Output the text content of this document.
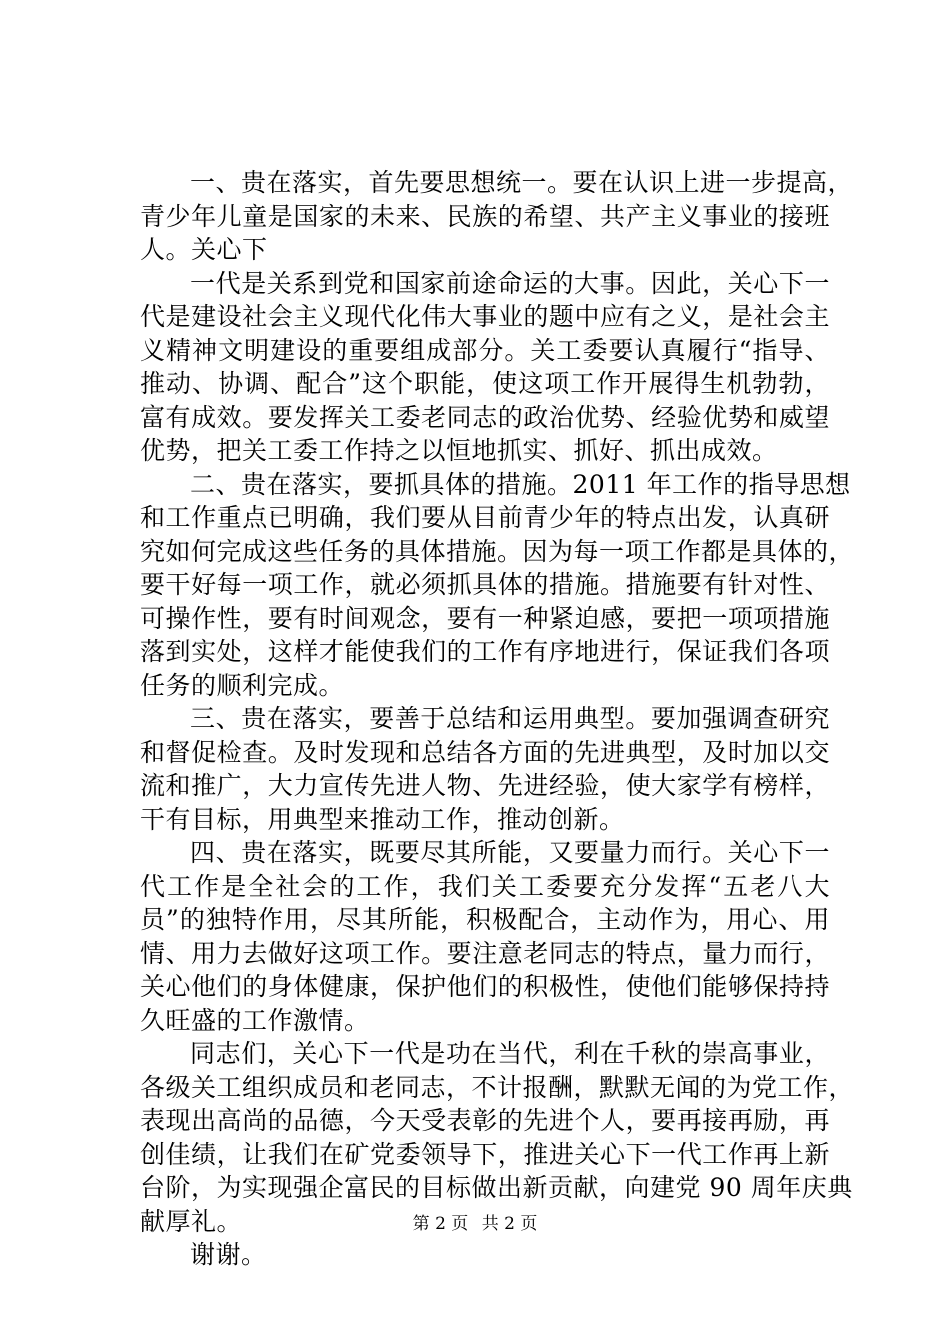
一、贵在落实，首先要思想统一。要在认识上进一步提高，
青少年儿童是国家的未来、民族的希望、共产主义事业的接班
人。关心下
一代是关系到党和国家前途命运的大事。因此，关心下一
代是建设社会主义现代化伟大事业的题中应有之义，是社会主
义精神文明建设的重要组成部分。关工委要认真履行“指导、
推动、协调、配合”这个职能，使这项工作开展得生机勃勃，
富有成效。要发挥关工委老同志的政治优势、经验优势和威望
优势，把关工委工作持之以恒地抓实、抓好、抓出成效。
二、贵在落实，要抓具体的措施。2011 年工作的指导思想
和工作重点已明确，我们要从目前青少年的特点出发，认真研
究如何完成这些任务的具体措施。因为每一项工作都是具体的，
要干好每一项工作，就必须抓具体的措施。措施要有针对性、
可操作性，要有时间观念，要有一种紧迫感，要把一项项措施
落到实处，这样才能使我们的工作有序地进行，保证我们各项
任务的顺利完成。
三、贵在落实，要善于总结和运用典型。要加强调查研究
和督促检查。及时发现和总结各方面的先进典型，及时加以交
流和推广，大力宣传先进人物、先进经验，使大家学有榜样，
干有目标，用典型来推动工作，推动创新。
四、贵在落实，既要尽其所能，又要量力而行。关心下一
代工作是全社会的工作，我们关工委要充分发挥“五老八大
员”的独特作用，尽其所能，积极配合，主动作为，用心、用
情、用力去做好这项工作。要注意老同志的特点，量力而行，
关心他们的身体健康，保护他们的积极性，使他们能够保持持
久旺盛的工作激情。
同志们，关心下一代是功在当代，利在千秋的崇高事业，
各级关工组织成员和老同志，不计报酬，默默无闻的为党工作，
表现出高尚的品德，今天受表彰的先进个人，要再接再励，再
创佳绩，让我们在矿党委领导下，推进关心下一代工作再上新
台阶，为实现强企富民的目标做出新贡献，向建党 90 周年庆典
献厚礼。
谢谢。
第 2 页 共 2 页
